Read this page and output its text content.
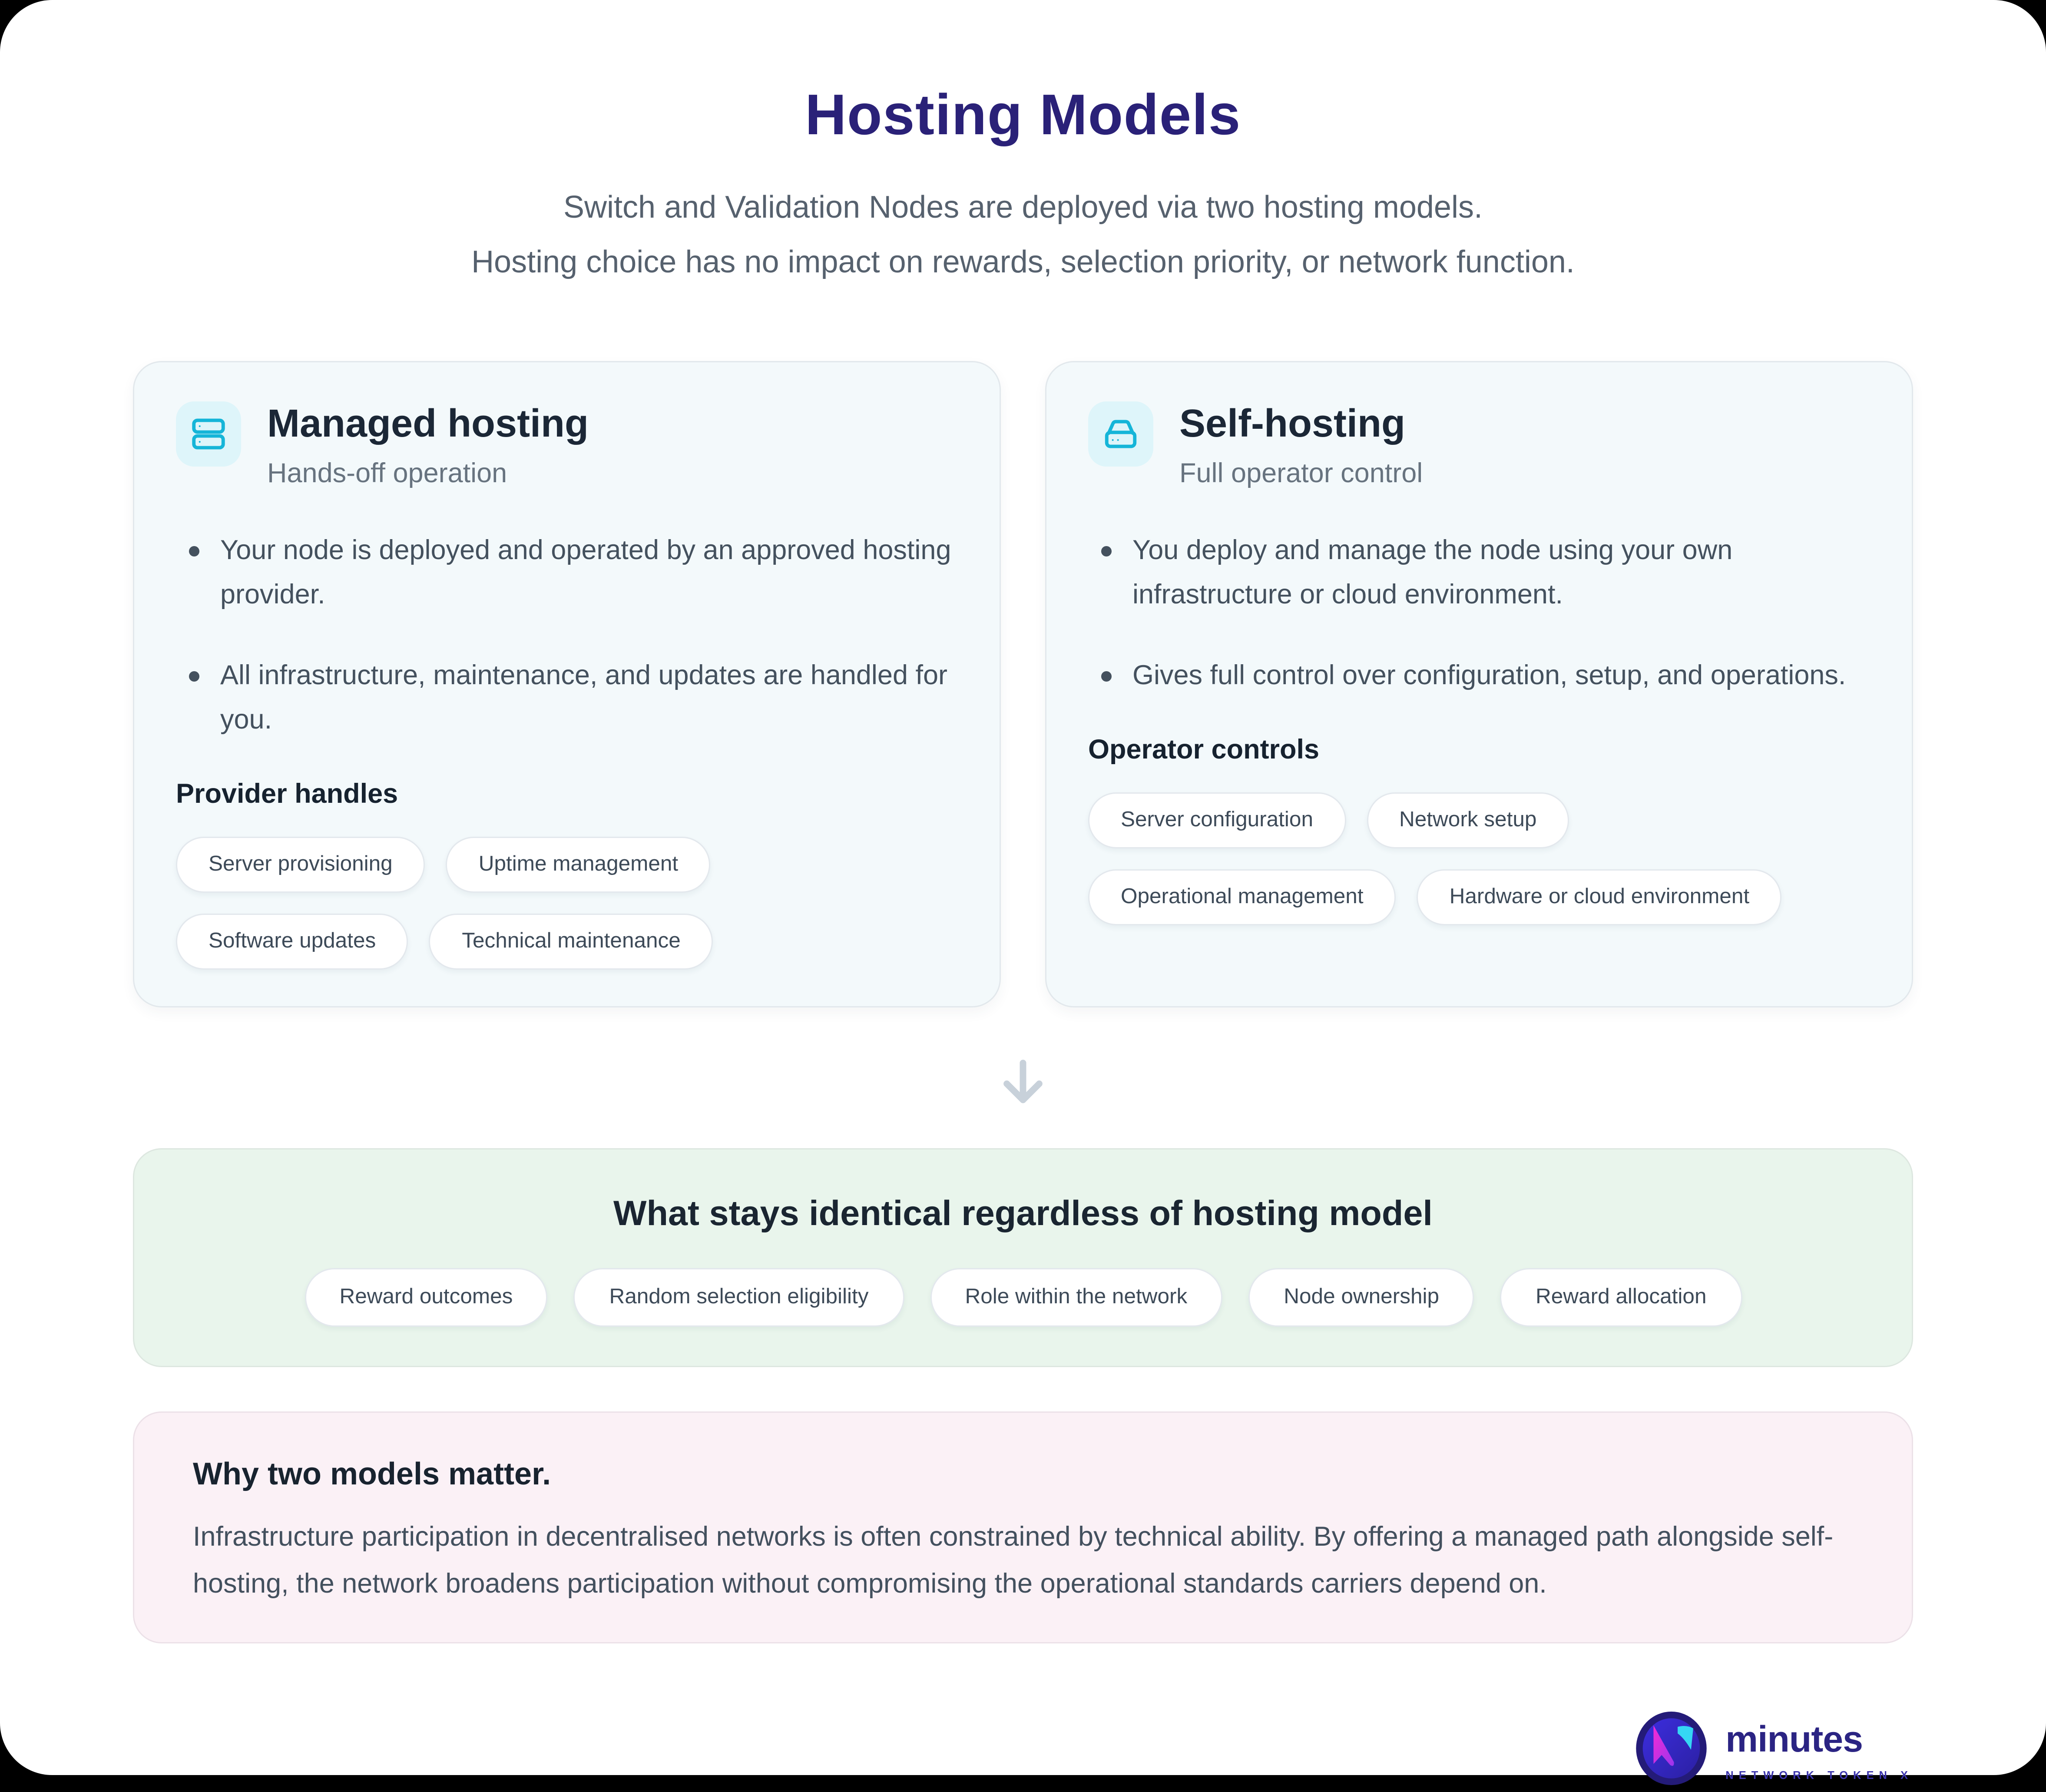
Hosting Models

Switch and Validation Nodes are deployed via two hosting models.

Hosting choice has no impact on rewards, selection priority, or network function.

Managed hosting
Hands-off operation
Your node is deployed and operated by an approved hosting provider.
All infrastructure, maintenance, and updates are handled for you.
Provider handles
Server provisioning	Uptime management
Software updates	Technical maintenance
Self-hosting
Full operator control
You deploy and manage the node using your own infrastructure or cloud environment.
Gives full control over configuration, setup, and operations.
Operator controls
Server configuration	Network setup
Operational management	Hardware or cloud environment
What stays identical regardless of hosting model
Reward outcomes	Random selection eligibility	Role within the network	Node ownership	Reward allocation
Why two models matter.

Infrastructure participation in decentralised networks is often constrained by technical ability. By offering a managed path alongside self-hosting, the network broadens participation without compromising the operational standards carriers depend on.

minutes
NETWORK TOKEN X
